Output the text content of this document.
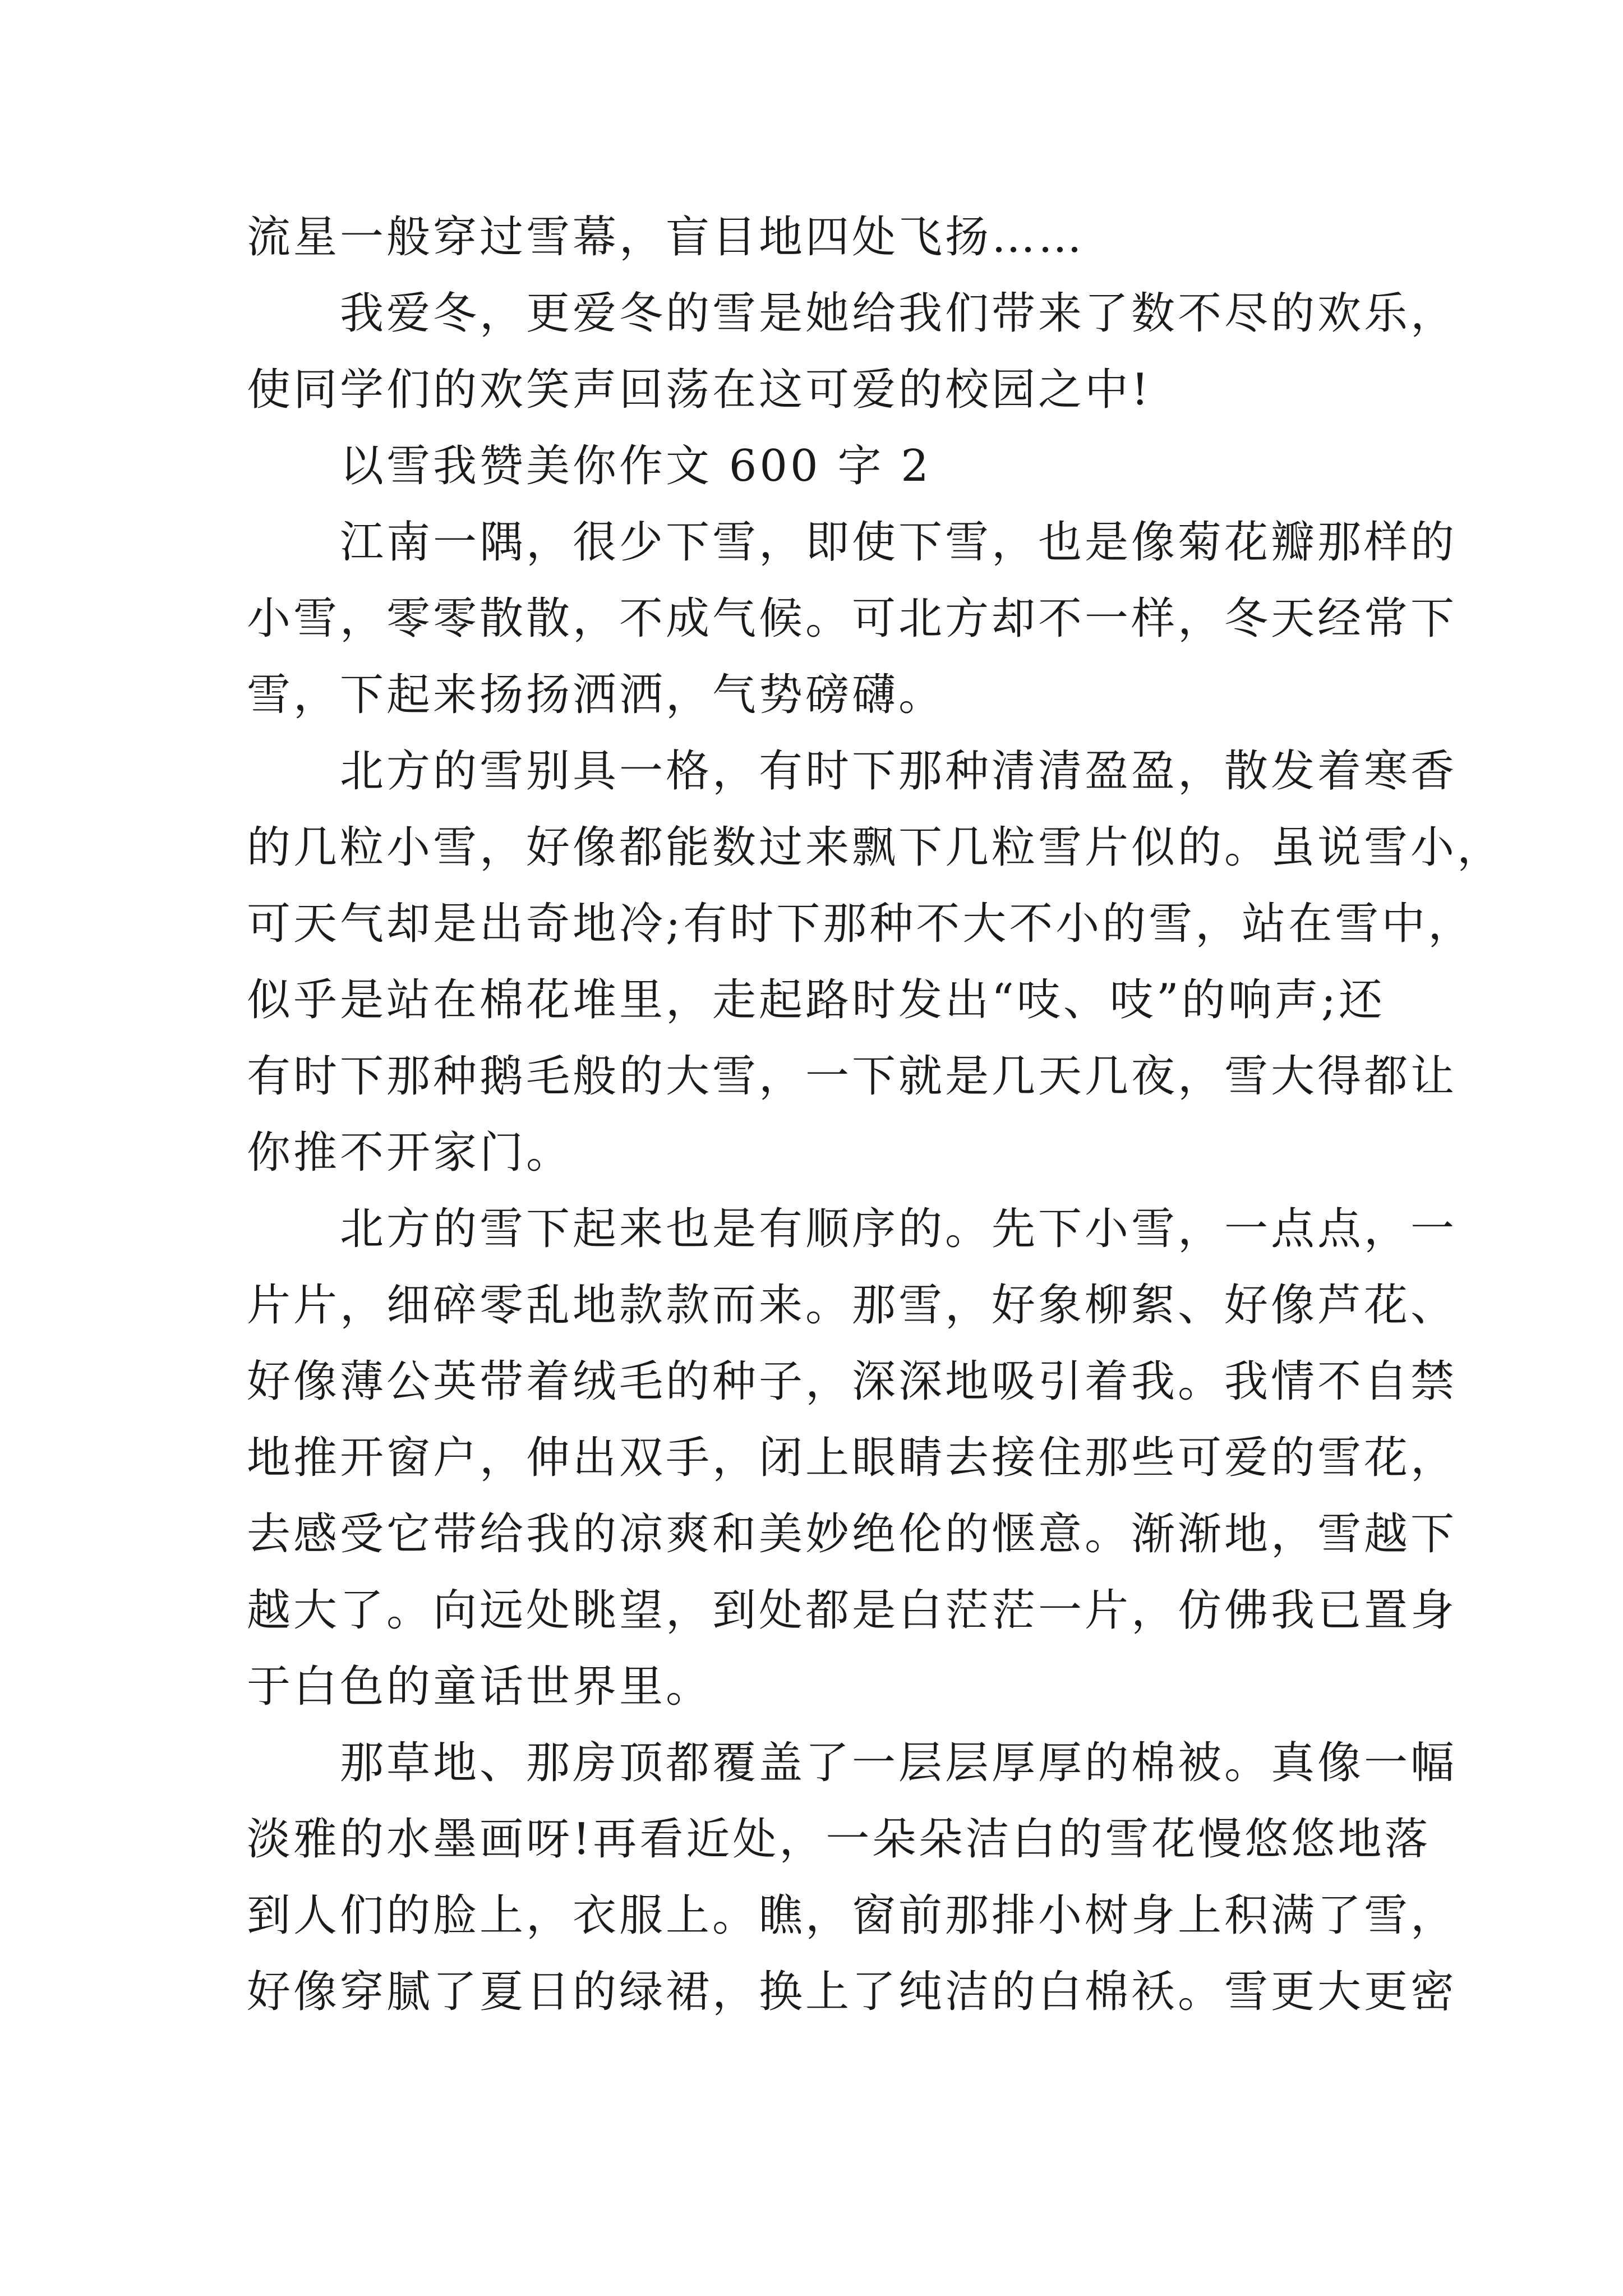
流星一般穿过雪幕，盲目地四处飞扬……
　　我爱冬，更爱冬的雪是她给我们带来了数不尽的欢乐，
使同学们的欢笑声回荡在这可爱的校园之中!
　　以雪我赞美你作文 600 字 2
　　江南一隅，很少下雪，即使下雪，也是像菊花瓣那样的
小雪，零零散散，不成气候。可北方却不一样，冬天经常下
雪，下起来扬扬洒洒，气势磅礴。
　　北方的雪别具一格，有时下那种清清盈盈，散发着寒香
的几粒小雪，好像都能数过来飘下几粒雪片似的。虽说雪小，
可天气却是出奇地冷;有时下那种不大不小的雪，站在雪中，
似乎是站在棉花堆里，走起路时发出“吱、吱”的响声;还
有时下那种鹅毛般的大雪，一下就是几天几夜，雪大得都让
你推不开家门。
　　北方的雪下起来也是有顺序的。先下小雪，一点点，一
片片，细碎零乱地款款而来。那雪，好象柳絮、好像芦花、
好像薄公英带着绒毛的种子，深深地吸引着我。我情不自禁
地推开窗户，伸出双手，闭上眼睛去接住那些可爱的雪花，
去感受它带给我的凉爽和美妙绝伦的惬意。渐渐地，雪越下
越大了。向远处眺望，到处都是白茫茫一片，仿佛我已置身
于白色的童话世界里。
　　那草地、那房顶都覆盖了一层层厚厚的棉被。真像一幅
淡雅的水墨画呀!再看近处，一朵朵洁白的雪花慢悠悠地落
到人们的脸上，衣服上。瞧，窗前那排小树身上积满了雪，
好像穿腻了夏日的绿裙，换上了纯洁的白棉袄。雪更大更密
